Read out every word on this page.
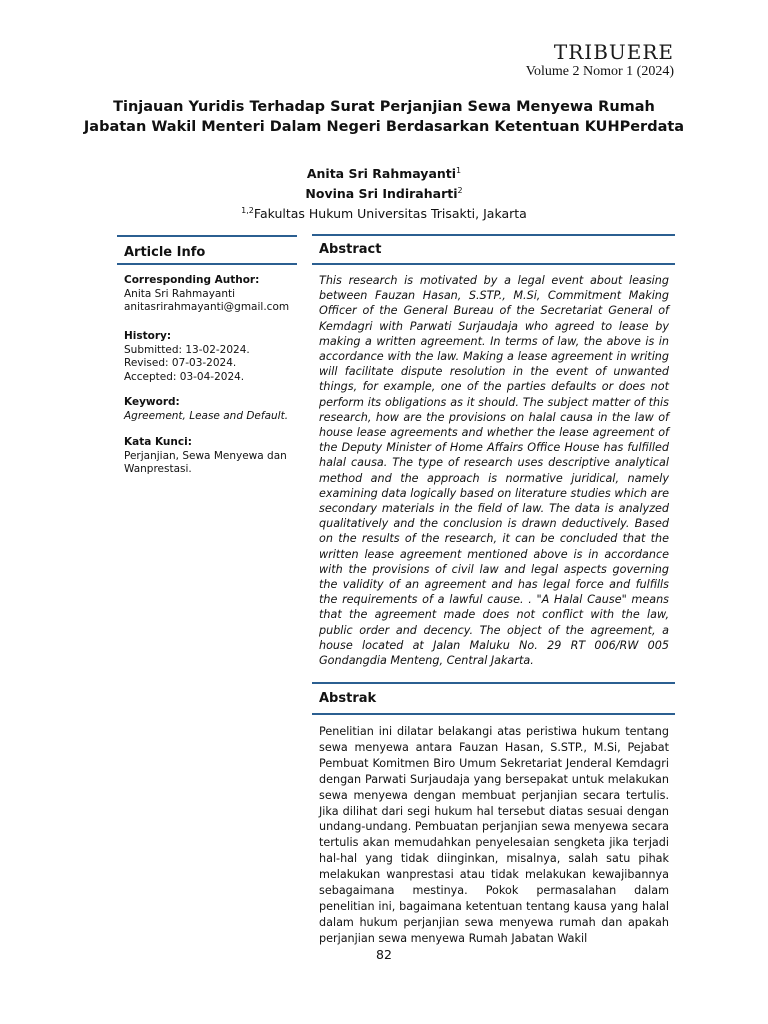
TRIBUERE
Volume 2 Nomor 1 (2024)
Tinjauan Yuridis Terhadap Surat Perjanjian Sewa Menyewa Rumah
Jabatan Wakil Menteri Dalam Negeri Berdasarkan Ketentuan KUHPerdata
Anita Sri Rahmayanti$^1$
Novina Sri Indiraharti$^2$
$^{1,2}$Fakultas Hukum Universitas Trisakti, Jakarta
Article Info
Corresponding Author:
Anita Sri Rahmayanti
anitasrirahmayanti@gmail.com
History:
Submitted: 13-02-2024.
Revised: 07-03-2024.
Accepted: 03-04-2024.
Keyword:
Agreement, Lease and Default.
Kata Kunci:
Perjanjian, Sewa Menyewa dan Wanprestasi.
Abstract
This research is motivated by a legal event about leasing between Fauzan Hasan, S.STP., M.Si, Commitment Making Officer of the General Bureau of the Secretariat General of Kemdagri with Parwati Surjaudaja who agreed to lease by making a written agreement. In terms of law, the above is in accordance with the law. Making a lease agreement in writing will facilitate dispute resolution in the event of unwanted things, for example, one of the parties defaults or does not perform its obligations as it should. The subject matter of this research, how are the provisions on halal causa in the law of house lease agreements and whether the lease agreement of the Deputy Minister of Home Affairs Office House has fulfilled halal causa. The type of research uses descriptive analytical method and the approach is normative juridical, namely examining data logically based on literature studies which are secondary materials in the field of law. The data is analyzed qualitatively and the conclusion is drawn deductively. Based on the results of the research, it can be concluded that the written lease agreement mentioned above is in accordance with the provisions of civil law and legal aspects governing the validity of an agreement and has legal force and fulfills the requirements of a lawful cause. . "A Halal Cause" means that the agreement made does not conflict with the law, public order and decency. The object of the agreement, a house located at Jalan Maluku No. 29 RT 006/RW 005 Gondangdia Menteng, Central Jakarta.
Abstrak
Penelitian ini dilatar belakangi atas peristiwa hukum tentang sewa menyewa antara Fauzan Hasan, S.STP., M.Si, Pejabat Pembuat Komitmen Biro Umum Sekretariat Jenderal Kemdagri dengan Parwati Surjaudaja yang bersepakat untuk melakukan sewa menyewa dengan membuat perjanjian secara tertulis. Jika dilihat dari segi hukum hal tersebut diatas sesuai dengan undang-undang. Pembuatan perjanjian sewa menyewa secara tertulis akan memudahkan penyelesaian sengketa jika terjadi hal-hal yang tidak diinginkan, misalnya, salah satu pihak melakukan wanprestasi atau tidak melakukan kewajibannya sebagaimana mestinya. Pokok permasalahan dalam penelitian ini, bagaimana ketentuan tentang kausa yang halal dalam hukum perjanjian sewa menyewa rumah dan apakah perjanjian sewa menyewa Rumah Jabatan Wakil
82
